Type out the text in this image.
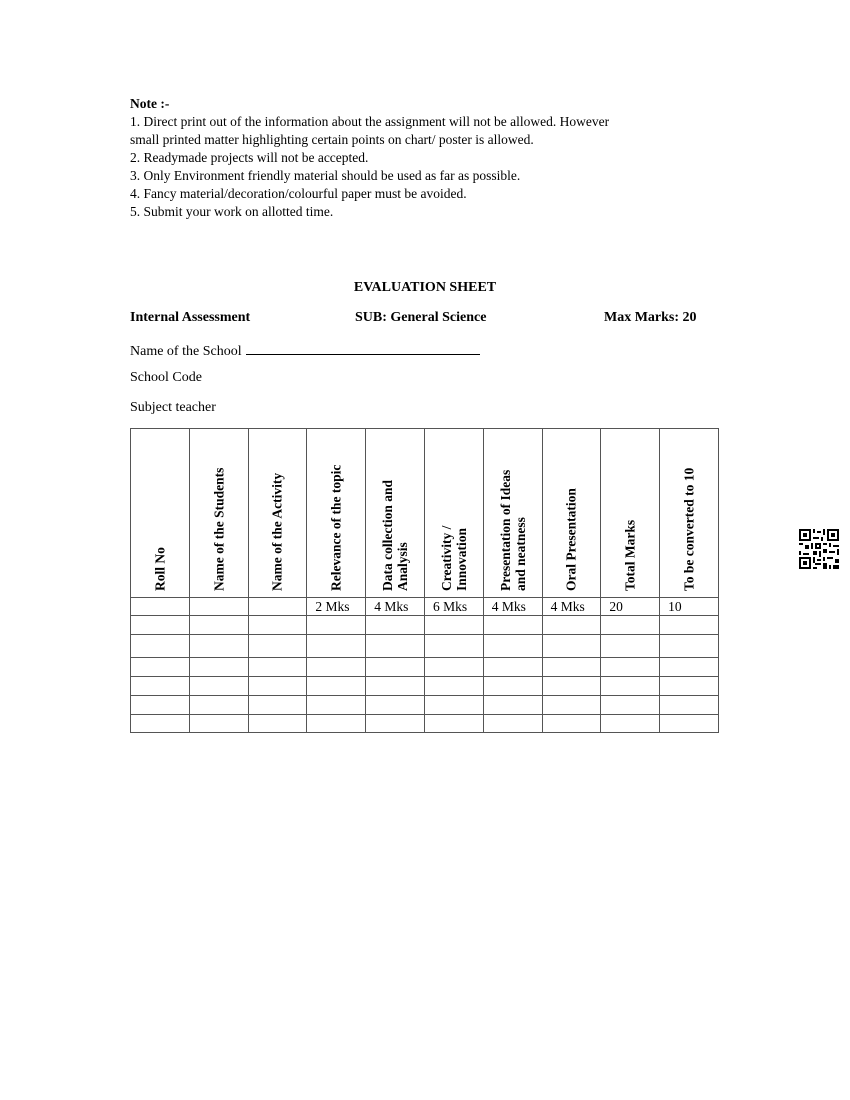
Note :-
1. Direct print out of the information about the assignment will not be allowed. However
small printed matter highlighting certain points on chart/ poster is allowed.
2. Readymade projects will not be accepted.
3. Only Environment friendly material should be used as far as possible.
4. Fancy material/decoration/colourful paper must be avoided.
5. Submit your work on allotted time.
EVALUATION SHEET
Internal Assessment	SUB: General Science	Max Marks: 20
Name of the School
School Code
Subject teacher
Roll No	Name of the Students	Name of the Activity	Relevance of the topic	Data collection and Analysis	Creativity / Innovation	Presentation of Ideas and neatness	Oral Presentation	Total Marks	To be converted to 10

			2 Mks	4 Mks	6 Mks	4 Mks	4 Mks	20	10
